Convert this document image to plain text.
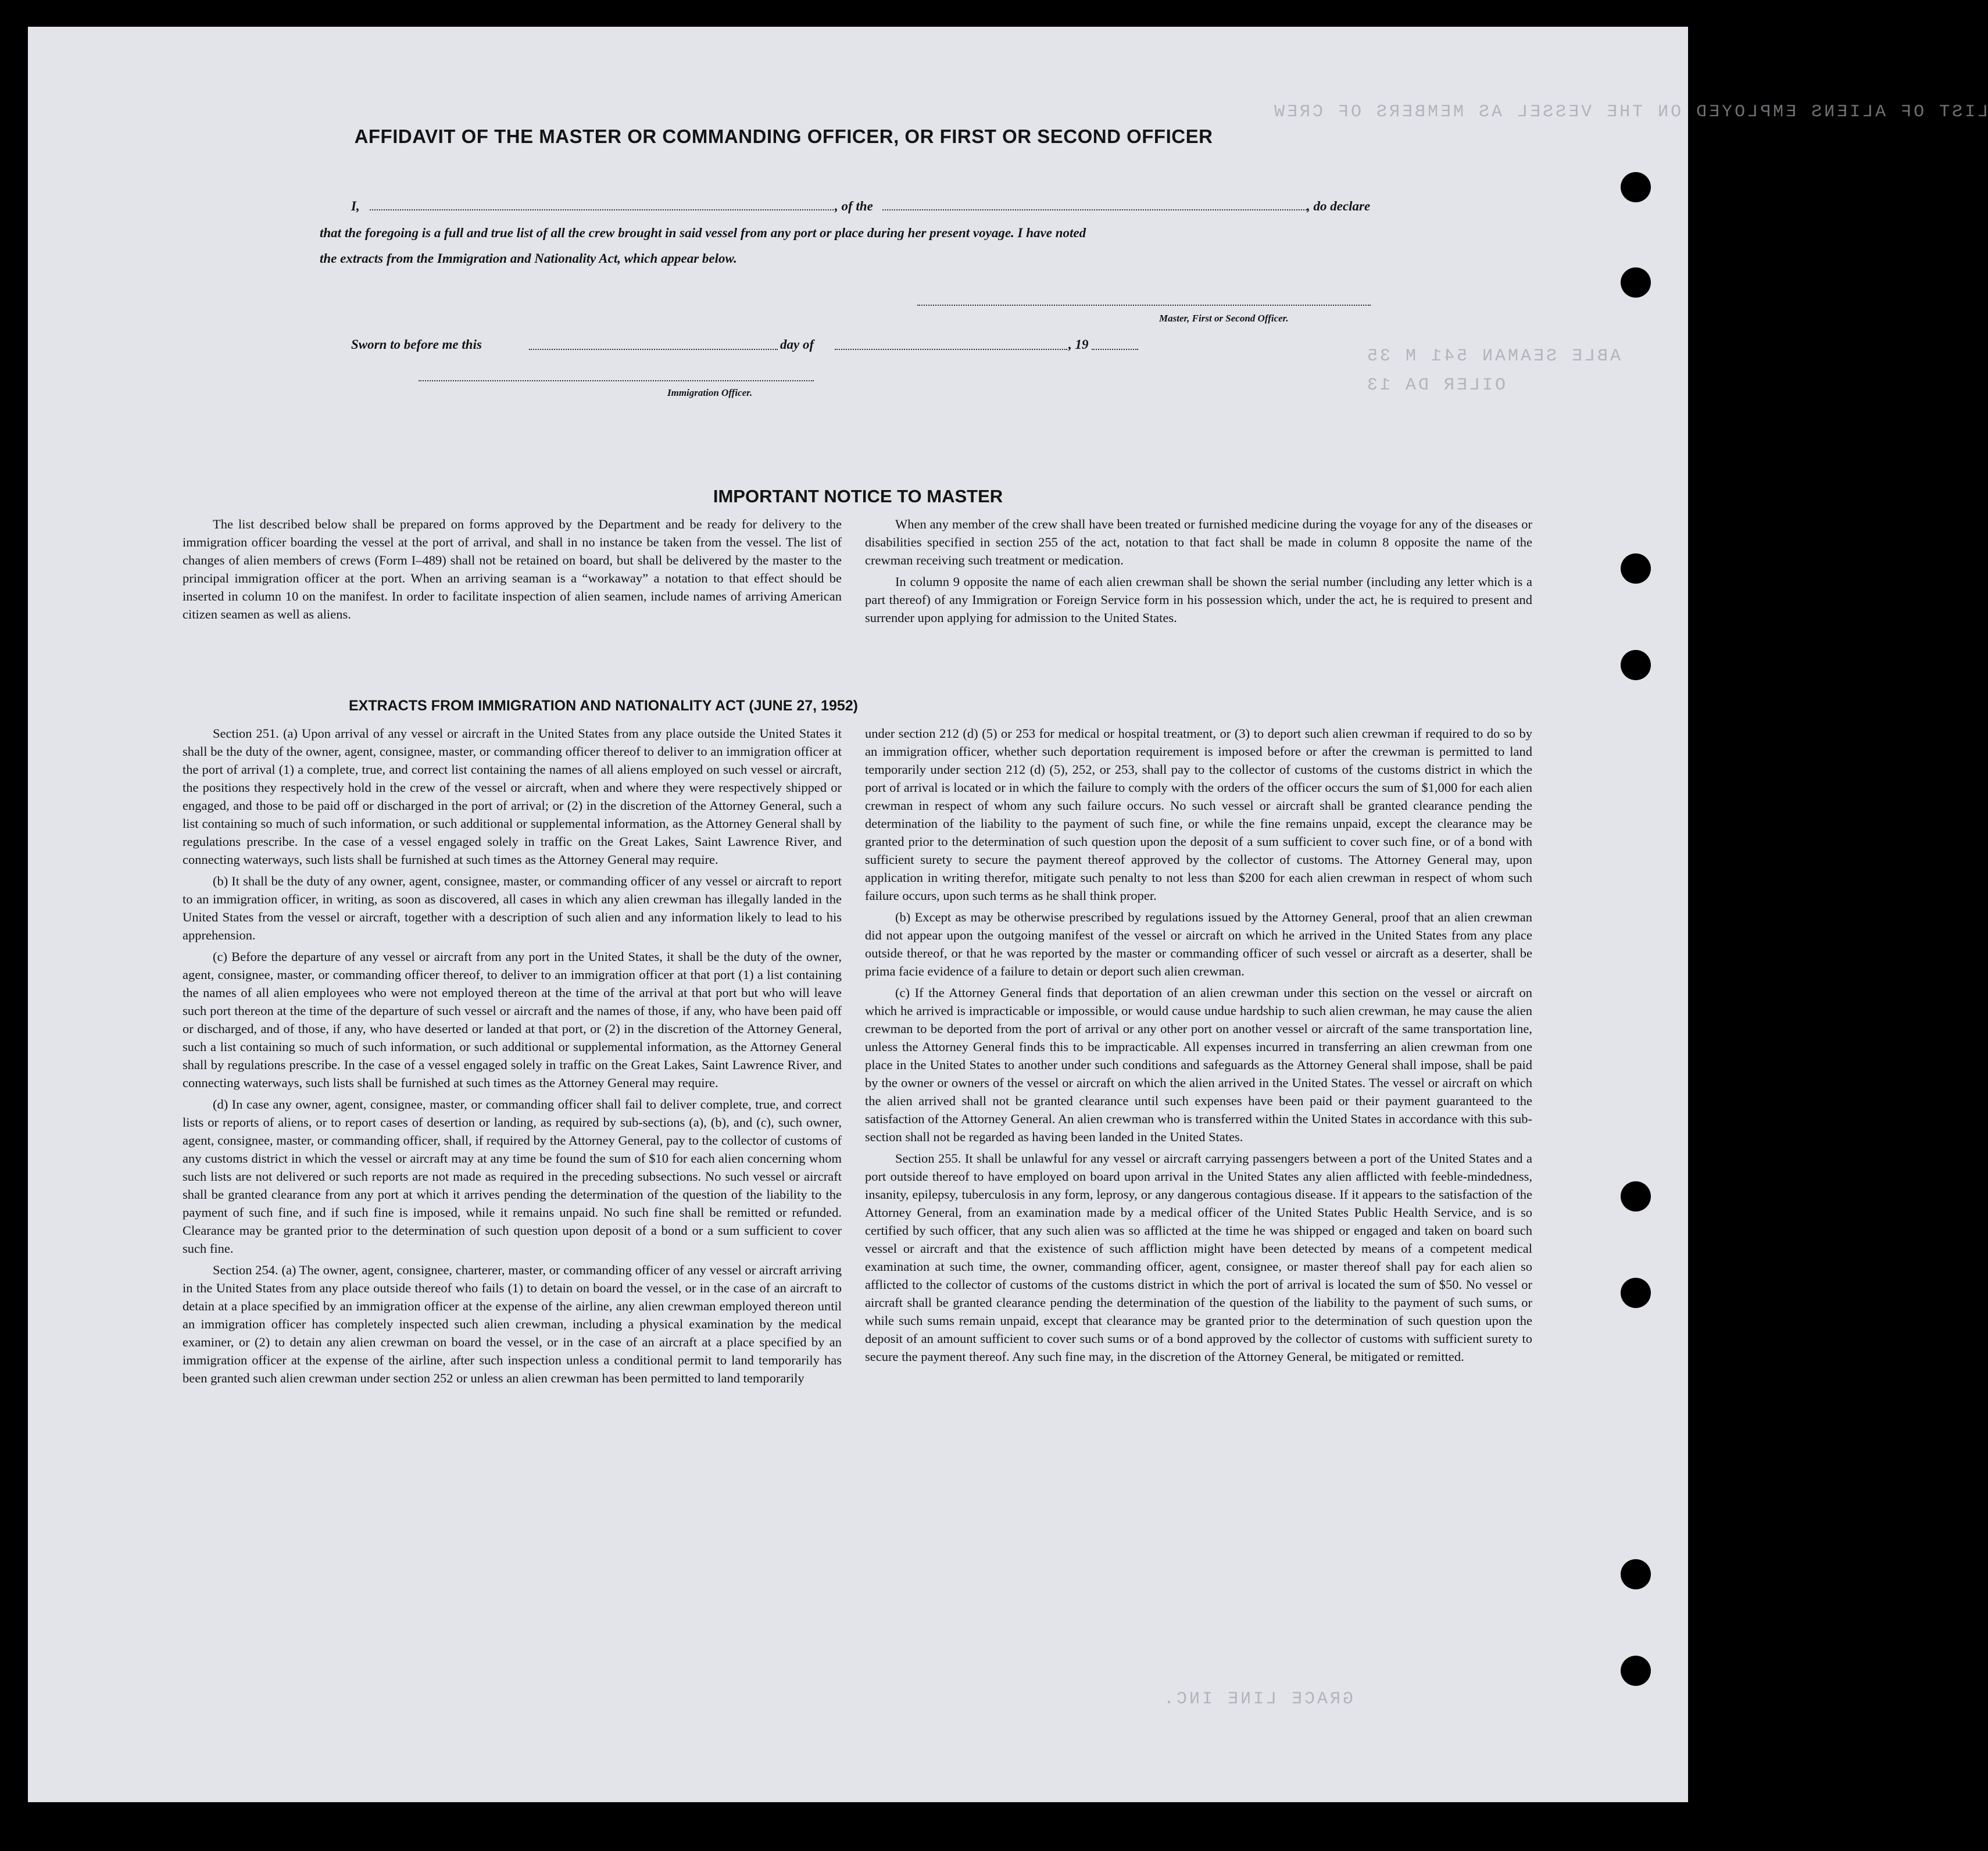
LIST OF ALIENS EMPLOYED ON THE VESSEL AS MEMBERS OF CREW
ABLE SEAMAN 541 M 35
OILER DA 13
GRACE LINE INC.
AFFIDAVIT OF THE MASTER OR COMMANDING OFFICER, OR FIRST OR SECOND OFFICER
I,	, of the	, do declare
that the foregoing is a full and true list of all the crew brought in said vessel from any port or place during her present voyage. I have noted
the extracts from the Immigration and Nationality Act, which appear below.
Master, First or Second Officer.
Sworn to before me this	day of	, 19
Immigration Officer.
IMPORTANT NOTICE TO MASTER

The list described below shall be prepared on forms approved by the Department and be ready for delivery to the immigration officer boarding the vessel at the port of arrival, and shall in no instance be taken from the vessel. The list of changes of alien members of crews (Form I–489) shall not be retained on board, but shall be delivered by the master to the principal immigration officer at the port. When an arriving seaman is a “workaway” a notation to that effect should be inserted in column 10 on the manifest. In order to facilitate inspection of alien seamen, include names of arriving American citizen seamen as well as aliens.

When any member of the crew shall have been treated or furnished medicine during the voyage for any of the diseases or disabilities specified in section 255 of the act, notation to that fact shall be made in column 8 opposite the name of the crewman receiving such treatment or medication.

In column 9 opposite the name of each alien crewman shall be shown the serial number (including any letter which is a part thereof) of any Immigration or Foreign Service form in his possession which, under the act, he is required to present and surrender upon applying for admission to the United States.

EXTRACTS FROM IMMIGRATION AND NATIONALITY ACT (JUNE 27, 1952)

Section 251. (a) Upon arrival of any vessel or aircraft in the United States from any place outside the United States it shall be the duty of the owner, agent, consignee, master, or commanding officer thereof to deliver to an immigration officer at the port of arrival (1) a complete, true, and correct list containing the names of all aliens employed on such vessel or aircraft, the positions they respectively hold in the crew of the vessel or aircraft, when and where they were respectively shipped or engaged, and those to be paid off or discharged in the port of arrival; or (2) in the discretion of the Attorney General, such a list containing so much of such information, or such additional or supplemental information, as the Attorney General shall by regulations prescribe. In the case of a vessel engaged solely in traffic on the Great Lakes, Saint Lawrence River, and connecting waterways, such lists shall be furnished at such times as the Attorney General may require.

(b) It shall be the duty of any owner, agent, consignee, master, or commanding officer of any vessel or aircraft to report to an immigration officer, in writing, as soon as discovered, all cases in which any alien crewman has illegally landed in the United States from the vessel or aircraft, together with a description of such alien and any information likely to lead to his apprehension.

(c) Before the departure of any vessel or aircraft from any port in the United States, it shall be the duty of the owner, agent, consignee, master, or commanding officer thereof, to deliver to an immigration officer at that port (1) a list containing the names of all alien employees who were not employed thereon at the time of the arrival at that port but who will leave such port thereon at the time of the departure of such vessel or aircraft and the names of those, if any, who have been paid off or discharged, and of those, if any, who have deserted or landed at that port, or (2) in the discretion of the Attorney General, such a list containing so much of such information, or such additional or supplemental information, as the Attorney General shall by regulations prescribe. In the case of a vessel engaged solely in traffic on the Great Lakes, Saint Lawrence River, and connecting waterways, such lists shall be furnished at such times as the Attorney General may require.

(d) In case any owner, agent, consignee, master, or commanding officer shall fail to deliver complete, true, and correct lists or reports of aliens, or to report cases of desertion or landing, as required by sub-sections (a), (b), and (c), such owner, agent, consignee, master, or commanding officer, shall, if required by the Attorney General, pay to the collector of customs of any customs district in which the vessel or aircraft may at any time be found the sum of $10 for each alien concerning whom such lists are not delivered or such reports are not made as required in the preceding subsections. No such vessel or aircraft shall be granted clearance from any port at which it arrives pending the determination of the question of the liability to the payment of such fine, and if such fine is imposed, while it remains unpaid. No such fine shall be remitted or refunded. Clearance may be granted prior to the determination of such question upon deposit of a bond or a sum sufficient to cover such fine.

Section 254. (a) The owner, agent, consignee, charterer, master, or commanding officer of any vessel or aircraft arriving in the United States from any place outside thereof who fails (1) to detain on board the vessel, or in the case of an aircraft to detain at a place specified by an immigration officer at the expense of the airline, any alien crewman employed thereon until an immigration officer has completely inspected such alien crewman, including a physical examination by the medical examiner, or (2) to detain any alien crewman on board the vessel, or in the case of an aircraft at a place specified by an immigration officer at the expense of the airline, after such inspection unless a conditional permit to land temporarily has been granted such alien crewman under section 252 or unless an alien crewman has been permitted to land temporarily

under section 212 (d) (5) or 253 for medical or hospital treatment, or (3) to deport such alien crewman if required to do so by an immigration officer, whether such deportation requirement is imposed before or after the crewman is permitted to land temporarily under section 212 (d) (5), 252, or 253, shall pay to the collector of customs of the customs district in which the port of arrival is located or in which the failure to comply with the orders of the officer occurs the sum of $1,000 for each alien crewman in respect of whom any such failure occurs. No such vessel or aircraft shall be granted clearance pending the determination of the liability to the payment of such fine, or while the fine remains unpaid, except the clearance may be granted prior to the determination of such question upon the deposit of a sum sufficient to cover such fine, or of a bond with sufficient surety to secure the payment thereof approved by the collector of customs. The Attorney General may, upon application in writing therefor, mitigate such penalty to not less than $200 for each alien crewman in respect of whom such failure occurs, upon such terms as he shall think proper.

(b) Except as may be otherwise prescribed by regulations issued by the Attorney General, proof that an alien crewman did not appear upon the outgoing manifest of the vessel or aircraft on which he arrived in the United States from any place outside thereof, or that he was reported by the master or commanding officer of such vessel or aircraft as a deserter, shall be prima facie evidence of a failure to detain or deport such alien crewman.

(c) If the Attorney General finds that deportation of an alien crewman under this section on the vessel or aircraft on which he arrived is impracticable or impossible, or would cause undue hardship to such alien crewman, he may cause the alien crewman to be deported from the port of arrival or any other port on another vessel or aircraft of the same transportation line, unless the Attorney General finds this to be impracticable. All expenses incurred in transferring an alien crewman from one place in the United States to another under such conditions and safeguards as the Attorney General shall impose, shall be paid by the owner or owners of the vessel or aircraft on which the alien arrived in the United States. The vessel or aircraft on which the alien arrived shall not be granted clearance until such expenses have been paid or their payment guaranteed to the satisfaction of the Attorney General. An alien crewman who is transferred within the United States in accordance with this sub-section shall not be regarded as having been landed in the United States.

Section 255. It shall be unlawful for any vessel or aircraft carrying passengers between a port of the United States and a port outside thereof to have employed on board upon arrival in the United States any alien afflicted with feeble-mindedness, insanity, epilepsy, tuberculosis in any form, leprosy, or any dangerous contagious disease. If it appears to the satisfaction of the Attorney General, from an examination made by a medical officer of the United States Public Health Service, and is so certified by such officer, that any such alien was so afflicted at the time he was shipped or engaged and taken on board such vessel or aircraft and that the existence of such affliction might have been detected by means of a competent medical examination at such time, the owner, commanding officer, agent, consignee, or master thereof shall pay for each alien so afflicted to the collector of customs of the customs district in which the port of arrival is located the sum of $50. No vessel or aircraft shall be granted clearance pending the determination of the question of the liability to the payment of such sums, or while such sums remain unpaid, except that clearance may be granted prior to the determination of such question upon the deposit of an amount sufficient to cover such sums or of a bond approved by the collector of customs with sufficient surety to secure the payment thereof. Any such fine may, in the discretion of the Attorney General, be mitigated or remitted.
